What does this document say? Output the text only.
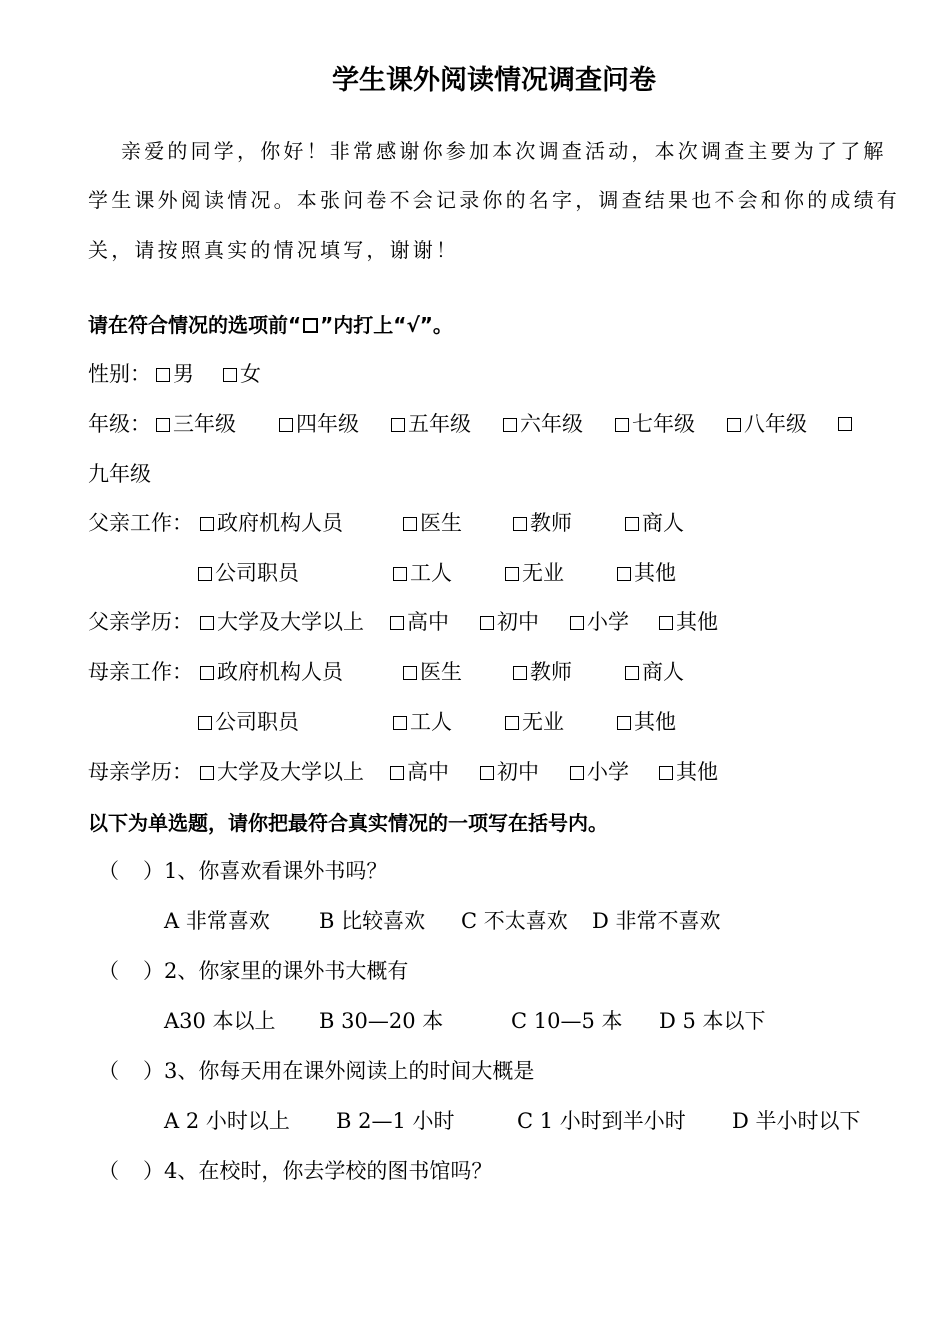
学生课外阅读情况调查问卷
亲爱的同学，你好！非常感谢你参加本次调查活动，本次调查主要为了了解
学生课外阅读情况。本张问卷不会记录你的名字，调查结果也不会和你的成绩有
关，请按照真实的情况填写，谢谢！
请在符合情况的选项前“ ”内打上“√”。
性别： 男 女
年级： 三年级	四年级 五年级 六年级 七年级 八年级
九年级
父亲工作： 政府机构人员	医生	教师	商人
公司职员	工人	无业	其他
父亲学历： 大学及大学以上 高中 初中 小学 其他
母亲工作： 政府机构人员	医生	教师	商人
公司职员	工人	无业	其他
母亲学历： 大学及大学以上 高中 初中 小学 其他
以下为单选题，请你把最符合真实情况的一项写在括号内。
（ ） 1、你喜欢看课外书吗？
A 非常喜欢 B 比较喜欢 C 不太喜欢 D 非常不喜欢
（ ） 2、你家里的课外书大概有
A30 本以上 B 30—20 本	C 10—5 本 D 5 本以下
（ ） 3、你每天用在课外阅读上的时间大概是
A 2 小时以上 B 2—1 小时	C 1 小时到半小时 D 半小时以下
（ ） 4、在校时，你去学校的图书馆吗？
